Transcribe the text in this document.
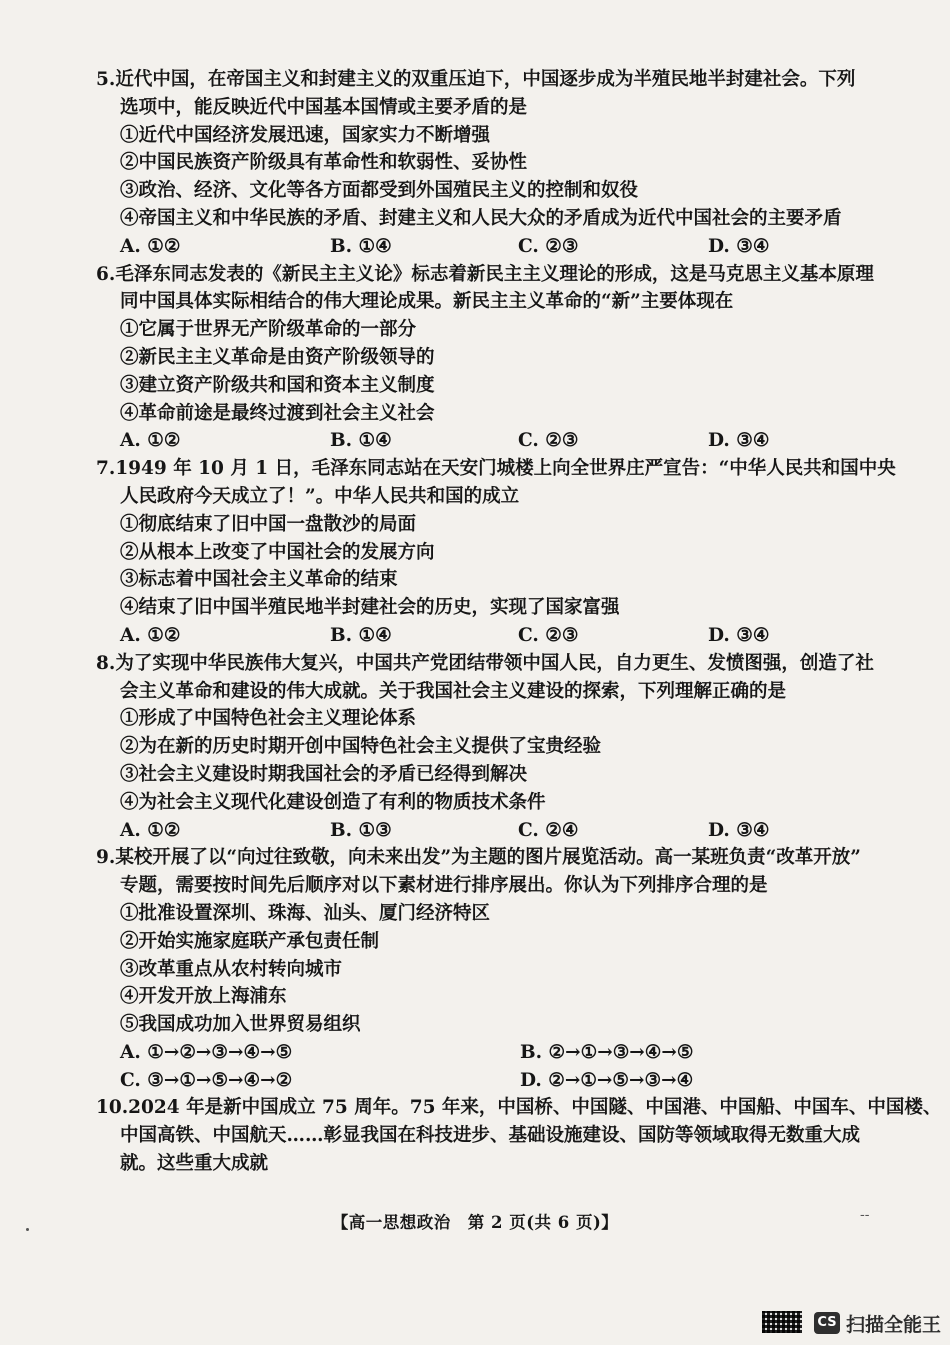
5.近代中国，在帝国主义和封建主义的双重压迫下，中国逐步成为半殖民地半封建社会。下列
选项中，能反映近代中国基本国情或主要矛盾的是
①近代中国经济发展迅速，国家实力不断增强
②中国民族资产阶级具有革命性和软弱性、妥协性
③政治、经济、文化等各方面都受到外国殖民主义的控制和奴役
④帝国主义和中华民族的矛盾、封建主义和人民大众的矛盾成为近代中国社会的主要矛盾
A. ①②	B. ①④	C. ②③	D. ③④
6.毛泽东同志发表的《新民主主义论》标志着新民主主义理论的形成，这是马克思主义基本原理
同中国具体实际相结合的伟大理论成果。新民主主义革命的“新”主要体现在
①它属于世界无产阶级革命的一部分
②新民主主义革命是由资产阶级领导的
③建立资产阶级共和国和资本主义制度
④革命前途是最终过渡到社会主义社会
A. ①②	B. ①④	C. ②③	D. ③④
7.1949 年 10 月 1 日，毛泽东同志站在天安门城楼上向全世界庄严宣告：“中华人民共和国中央
人民政府今天成立了！”。中华人民共和国的成立
①彻底结束了旧中国一盘散沙的局面
②从根本上改变了中国社会的发展方向
③标志着中国社会主义革命的结束
④结束了旧中国半殖民地半封建社会的历史，实现了国家富强
A. ①②	B. ①④	C. ②③	D. ③④
8.为了实现中华民族伟大复兴，中国共产党团结带领中国人民，自力更生、发愤图强，创造了社
会主义革命和建设的伟大成就。关于我国社会主义建设的探索，下列理解正确的是
①形成了中国特色社会主义理论体系
②为在新的历史时期开创中国特色社会主义提供了宝贵经验
③社会主义建设时期我国社会的矛盾已经得到解决
④为社会主义现代化建设创造了有利的物质技术条件
A. ①②	B. ①③	C. ②④	D. ③④
9.某校开展了以“向过往致敬，向未来出发”为主题的图片展览活动。高一某班负责“改革开放”
专题，需要按时间先后顺序对以下素材进行排序展出。你认为下列排序合理的是
①批准设置深圳、珠海、汕头、厦门经济特区
②开始实施家庭联产承包责任制
③改革重点从农村转向城市
④开发开放上海浦东
⑤我国成功加入世界贸易组织
A. ①→②→③→④→⑤	B. ②→①→③→④→⑤
C. ③→①→⑤→④→②	D. ②→①→⑤→③→④
10.2024 年是新中国成立 75 周年。75 年来，中国桥、中国隧、中国港、中国船、中国车、中国楼、
中国高铁、中国航天……彰显我国在科技进步、基础设施建设、国防等领域取得无数重大成
就。这些重大成就
【高一思想政治　第 2 页(共 6 页)】	--
CS 扫描全能王
